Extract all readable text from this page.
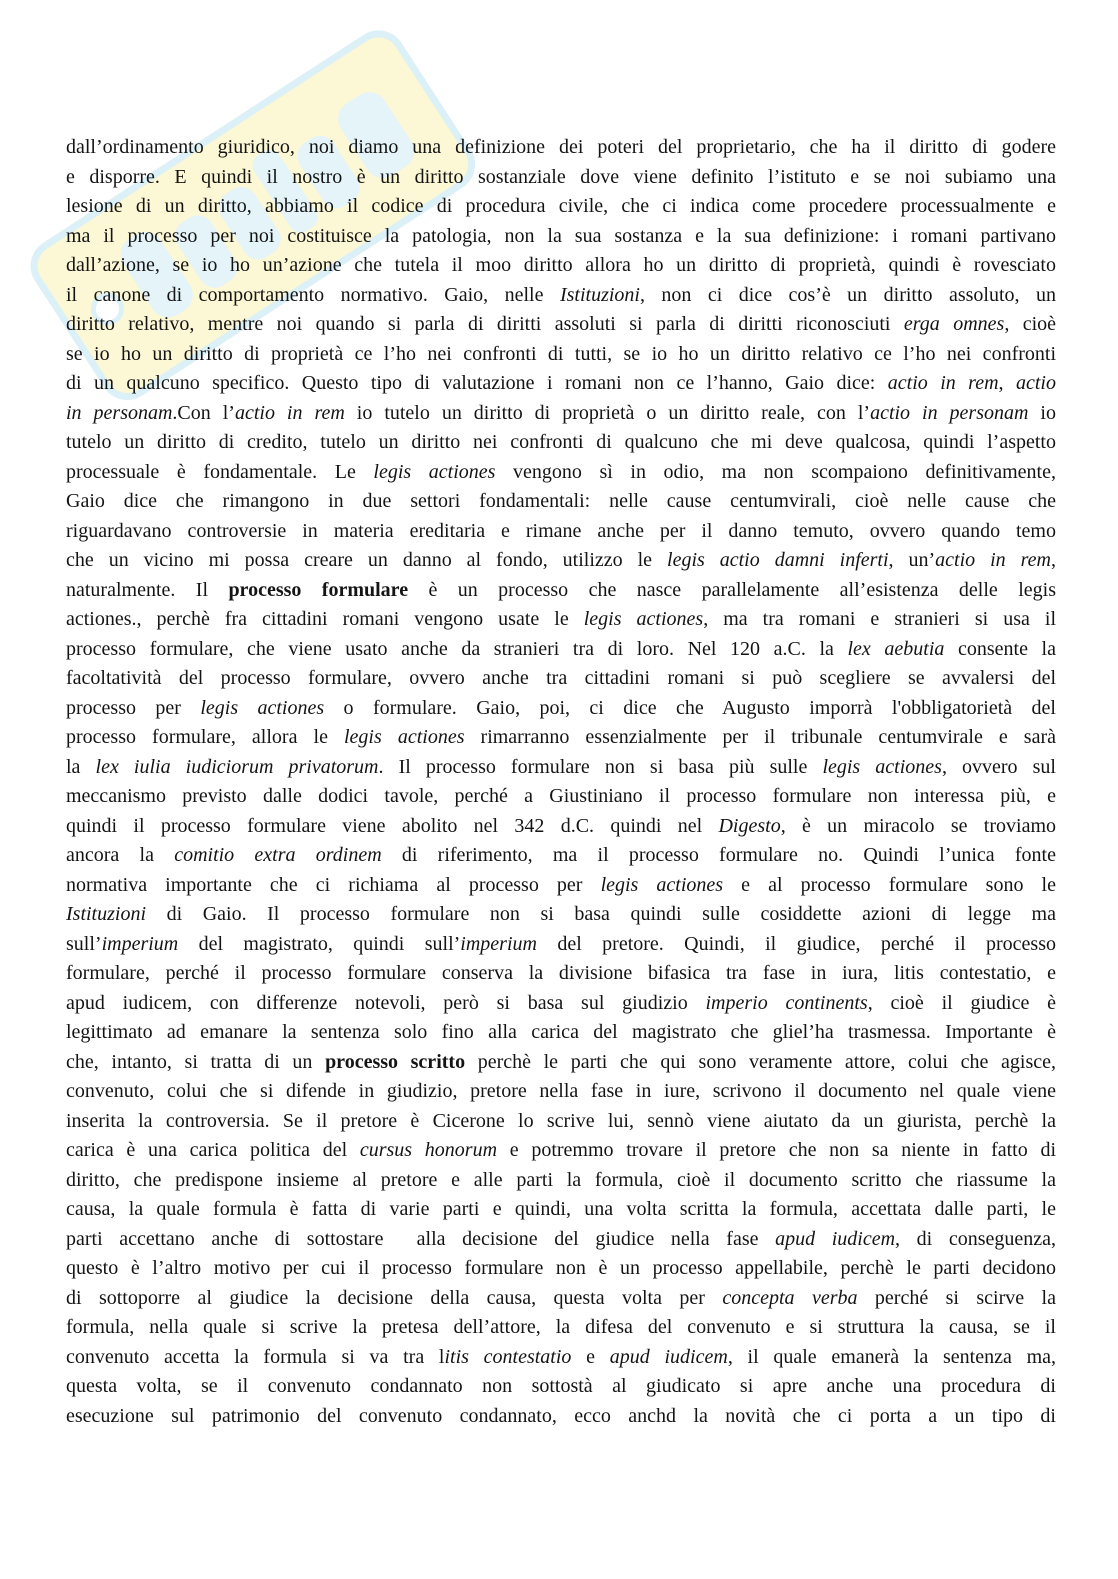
dall’ordinamento giuridico, noi diamo una definizione dei poteri del proprietario, che ha il diritto di godere
e disporre. E quindi il nostro è un diritto sostanziale dove viene definito l’istituto e se noi subiamo una
lesione di un diritto, abbiamo il codice di procedura civile, che ci indica come procedere processualmente e
ma il processo per noi costituisce la patologia, non la sua sostanza e la sua definizione: i romani partivano
dall’azione, se io ho un’azione che tutela il moo diritto allora ho un diritto di proprietà, quindi è rovesciato
il canone di comportamento normativo. Gaio, nelle Istituzioni, non ci dice cos’è un diritto assoluto, un
diritto relativo, mentre noi quando si parla di diritti assoluti si parla di diritti riconosciuti erga omnes, cioè
se io ho un diritto di proprietà ce l’ho nei confronti di tutti, se io ho un diritto relativo ce l’ho nei confronti
di un qualcuno specifico. Questo tipo di valutazione i romani non ce l’hanno, Gaio dice: actio in rem, actio
in personam.Con l’actio in rem io tutelo un diritto di proprietà o un diritto reale, con l’actio in personam io
tutelo un diritto di credito, tutelo un diritto nei confronti di qualcuno che mi deve qualcosa, quindi l’aspetto
processuale è fondamentale. Le legis actiones vengono sì in odio, ma non scompaiono definitivamente,
Gaio dice che rimangono in due settori fondamentali: nelle cause centumvirali, cioè nelle cause che
riguardavano controversie in materia ereditaria e rimane anche per il danno temuto, ovvero quando temo
che un vicino mi possa creare un danno al fondo, utilizzo le legis actio damni inferti, un’actio in rem,
naturalmente. Il processo formulare è un processo che nasce parallelamente all’esistenza delle legis
actiones., perchè fra cittadini romani vengono usate le legis actiones, ma tra romani e stranieri si usa il
processo formulare, che viene usato anche da stranieri tra di loro. Nel 120 a.C. la lex aebutia consente la
facoltatività del processo formulare, ovvero anche tra cittadini romani si può scegliere se avvalersi del
processo per legis actiones o formulare. Gaio, poi, ci dice che Augusto imporrà l'obbligatorietà del
processo formulare, allora le legis actiones rimarranno essenzialmente per il tribunale centumvirale e sarà
la lex iulia iudiciorum privatorum. Il processo formulare non si basa più sulle legis actiones, ovvero sul
meccanismo previsto dalle dodici tavole, perché a Giustiniano il processo formulare non interessa più, e
quindi il processo formulare viene abolito nel 342 d.C. quindi nel Digesto, è un miracolo se troviamo
ancora la comitio extra ordinem di riferimento, ma il processo formulare no. Quindi l’unica fonte
normativa importante che ci richiama al processo per legis actiones e al processo formulare sono le
Istituzioni di Gaio. Il processo formulare non si basa quindi sulle cosiddette azioni di legge ma
sull’imperium del magistrato, quindi sull’imperium del pretore. Quindi, il giudice, perché il processo
formulare, perché il processo formulare conserva la divisione bifasica tra fase in iura, litis contestatio, e
apud iudicem, con differenze notevoli, però si basa sul giudizio imperio continents, cioè il giudice è
legittimato ad emanare la sentenza solo fino alla carica del magistrato che gliel’ha trasmessa. Importante è
che, intanto, si tratta di un processo scritto perchè le parti che qui sono veramente attore, colui che agisce,
convenuto, colui che si difende in giudizio, pretore nella fase in iure, scrivono il documento nel quale viene
inserita la controversia. Se il pretore è Cicerone lo scrive lui, sennò viene aiutato da un giurista, perchè la
carica è una carica politica del cursus honorum e potremmo trovare il pretore che non sa niente in fatto di
diritto, che predispone insieme al pretore e alle parti la formula, cioè il documento scritto che riassume la
causa, la quale formula è fatta di varie parti e quindi, una volta scritta la formula, accettata dalle parti, le
parti accettano anche di sottostare  alla decisione del giudice nella fase apud iudicem, di conseguenza,
questo è l’altro motivo per cui il processo formulare non è un processo appellabile, perchè le parti decidono
di sottoporre al giudice la decisione della causa, questa volta per concepta verba perché si scirve la
formula, nella quale si scrive la pretesa dell’attore, la difesa del convenuto e si struttura la causa, se il
convenuto accetta la formula si va tra litis contestatio e apud iudicem, il quale emanerà la sentenza ma,
questa volta, se il convenuto condannato non sottostà al giudicato si apre anche una procedura di
esecuzione sul patrimonio del convenuto condannato, ecco anchd la novità che ci porta a un tipo di
